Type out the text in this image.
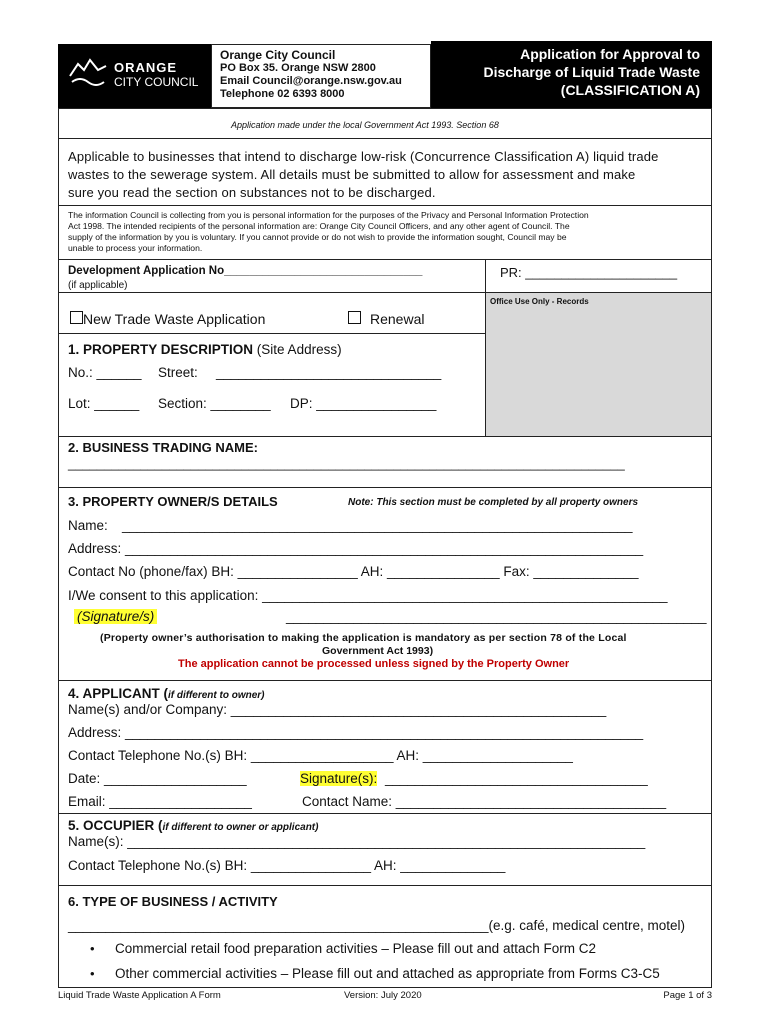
ORANGE
CITY COUNCIL
Orange City Council
PO Box 35. Orange NSW 2800
Email Council@orange.nsw.gov.au
Telephone 02 6393 8000
Application for Approval to
Discharge of Liquid Trade Waste
(CLASSIFICATION A)
Application made under the local Government Act 1993. Section 68
Applicable to businesses that intend to discharge low-risk (Concurrence Classification A) liquid trade
wastes to the sewerage system. All details must be submitted to allow for assessment and make
sure you read the section on substances not to be discharged.
The information Council is collecting from you is personal information for the purposes of the Privacy and Personal Information Protection
Act 1998. The intended recipients of the personal information are: Orange City Council Officers, and any other agent of Council. The
supply of the information by you is voluntary. If you cannot provide or do not wish to provide the information sought, Council may be
unable to process your information.
Development Application No_______________________________
(if applicable)
PR: _____________________
Office Use Only - Records
New Trade Waste Application	Renewal
1. PROPERTY DESCRIPTION (Site Address)
No.: ______ Street: ______________________________
Lot: ______ Section: ________ DP: ________________
2. BUSINESS TRADING NAME:
_____________________________________________________________________________
3. PROPERTY OWNER/S DETAILS	Note: This section must be completed by all property owners
Name: ____________________________________________________________________
Address: _____________________________________________________________________
Contact No (phone/fax) BH: ________________ AH: _______________ Fax: ______________
I/We consent to this application: ______________________________________________________
(Signature/s)	________________________________________________________
(Property owner’s authorisation to making the application is mandatory as per section 78 of the Local
Government Act 1993)
The application cannot be processed unless signed by the Property Owner
4. APPLICANT (if different to owner)
Name(s) and/or Company: __________________________________________________
Address: _____________________________________________________________________
Contact Telephone No.(s) BH: ___________________ AH: ____________________
Date: ___________________	Signature(s): ___________________________________
Email: ___________________	Contact Name: ____________________________________
5. OCCUPIER (if different to owner or applicant)
Name(s): _____________________________________________________________________
Contact Telephone No.(s) BH: ________________ AH: ______________
6. TYPE OF BUSINESS / ACTIVITY
________________________________________________________(e.g. café, medical centre, motel)
• Commercial retail food preparation activities – Please fill out and attach Form C2
• Other commercial activities – Please fill out and attached as appropriate from Forms C3-C5
Liquid Trade Waste Application A Form	Version: July 2020	Page 1 of 3
